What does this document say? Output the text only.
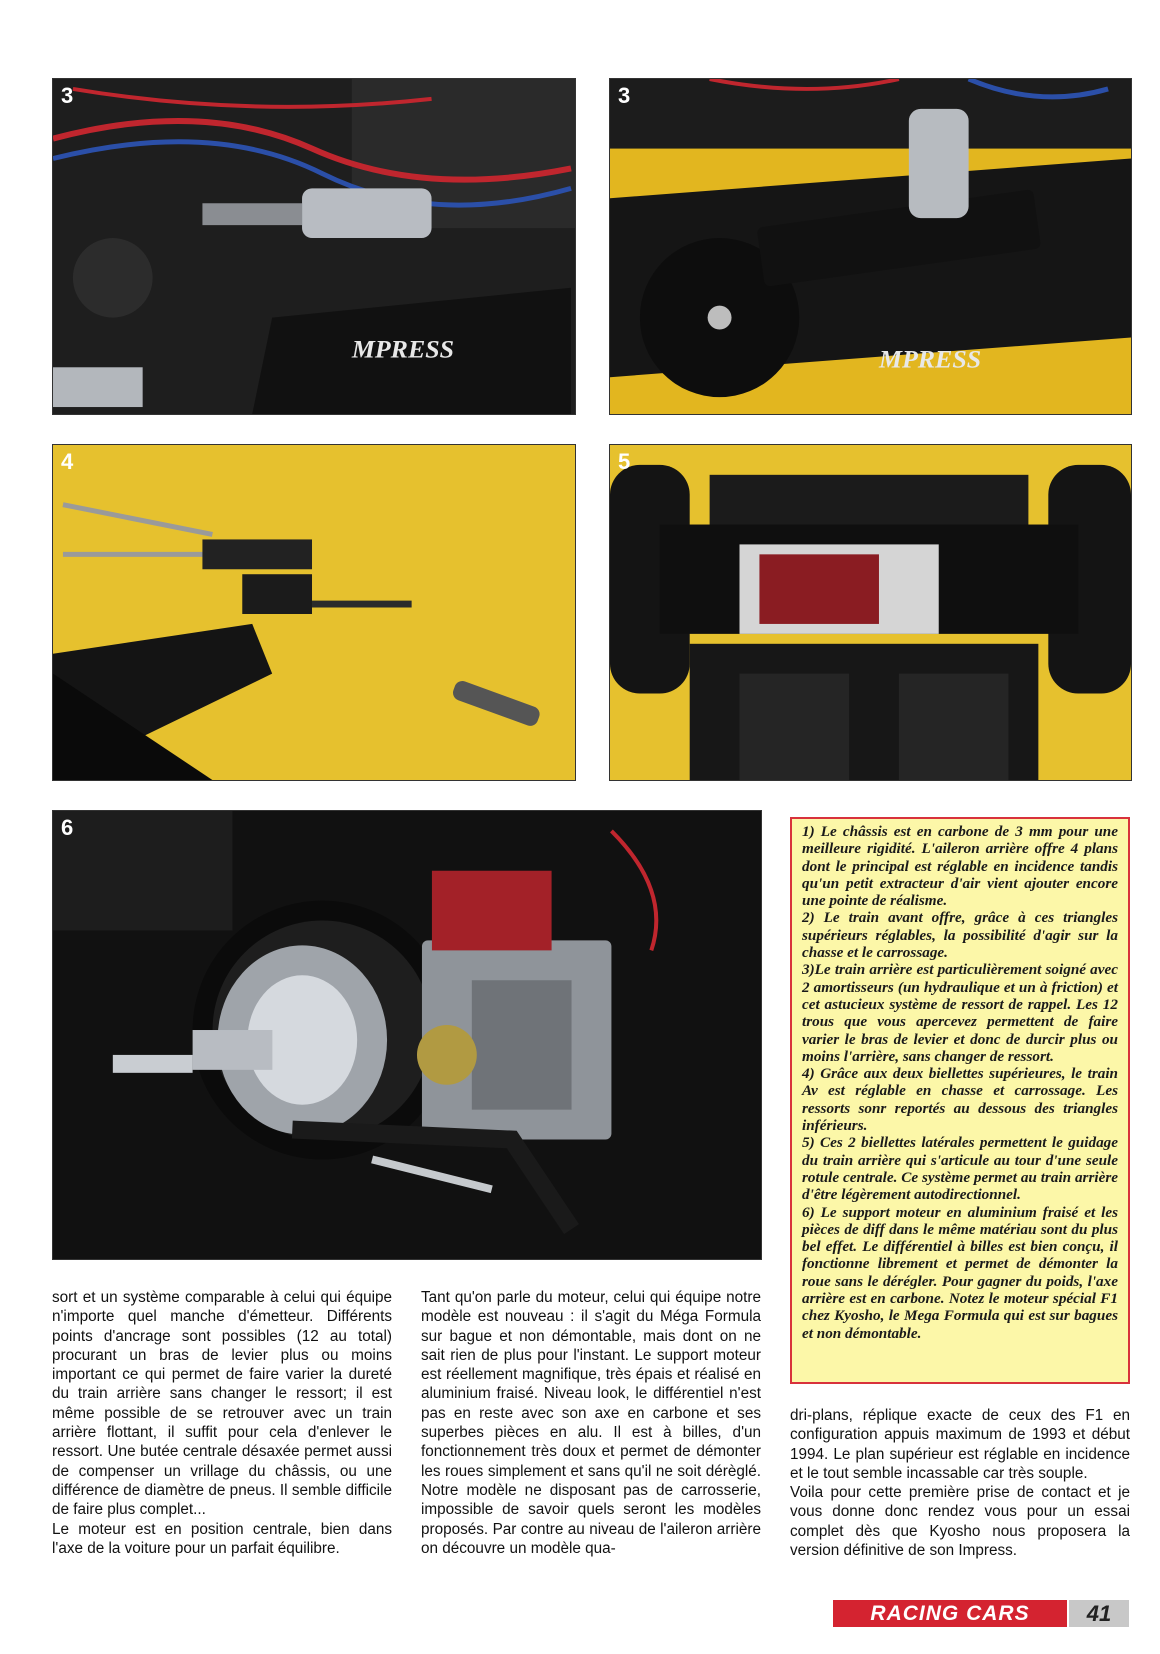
MPRESS
3
MPRESS
3
4	5
6	1) Le châssis est en carbone de 3 mm pour une meilleure rigidité. L'aileron arrière offre 4 plans dont le principal est réglable en incidence tandis qu'un petit extracteur d'air vient ajouter encore une pointe de réalisme.

2) Le train avant offre, grâce à ces triangles supérieurs réglables, la possibilité d'agir sur la chasse et le carrossage.

3)Le train arrière est particulièrement soigné avec 2 amortisseurs (un hydraulique et un à friction) et cet astucieux système de ressort de rappel. Les 12 trous que vous apercevez permettent de faire varier le bras de levier et donc de durcir plus ou moins l'arrière, sans changer de ressort.

4) Grâce aux deux biellettes supérieures, le train Av est réglable en chasse et carrossage. Les ressorts sonr reportés au dessous des triangles inférieurs.

5) Ces 2 biellettes latérales permettent le guidage du train arrière qui s'articule au tour d'une seule rotule centrale. Ce système permet au train arrière d'être légèrement autodirectionnel.

6) Le support moteur en aluminium fraisé et les pièces de diff dans le même matériau sont du plus bel effet. Le différentiel à billes est bien conçu, il fonctionne librement et permet de démonter la roue sans le dérégler. Pour gagner du poids, l'axe arrière est en carbone. Notez le moteur spécial F1 chez Kyosho, le Mega Formula qui est sur bagues et non démontable.

sort et un système comparable à celui qui équipe n'importe quel manche d'émetteur. Différents points d'ancrage sont possibles (12 au total) procurant un bras de levier plus ou moins important ce qui permet de faire varier la dureté du train arrière sans changer le ressort; il est même possible de se retrouver avec un train arrière flottant, il suffit pour cela d'enlever le ressort. Une butée centrale désaxée permet aussi de compenser un vrillage du châssis, ou une différence de diamètre de pneus. Il semble difficile de faire plus complet...

Le moteur est en position centrale, bien dans l'axe de la voiture pour un parfait équilibre.

Tant qu'on parle du moteur, celui qui équipe notre modèle est nouveau : il s'agit du Méga Formula sur bague et non démontable, mais dont on ne sait rien de plus pour l'instant. Le support moteur est réellement magnifique, très épais et réalisé en aluminium fraisé. Niveau look, le différentiel n'est pas en reste avec son axe en carbone et ses superbes pièces en alu. Il est à billes, d'un fonctionnement très doux et permet de démonter les roues simplement et sans qu'il ne soit dérèglé. Notre modèle ne disposant pas de carrosserie, impossible de savoir quels seront les modèles proposés. Par contre au niveau de l'aileron arrière on découvre un modèle qua-

dri-plans, réplique exacte de ceux des F1 en configuration appuis maximum de 1993 et début 1994. Le plan supérieur est réglable en incidence et le tout semble incassable car très souple.

Voila pour cette première prise de contact et je vous donne donc rendez vous pour un essai complet dès que Kyosho nous proposera la version définitive de son Impress.

RACING CARS	41
